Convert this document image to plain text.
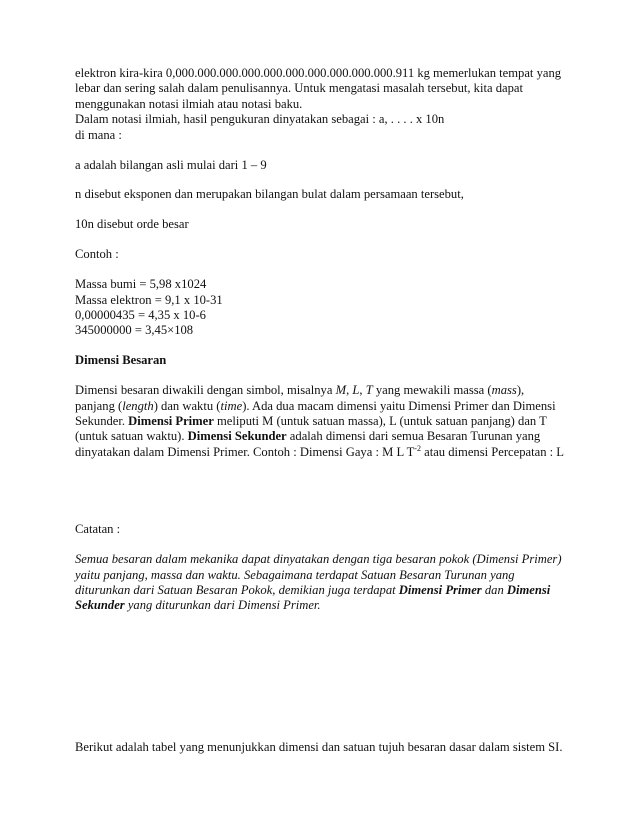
elektron kira-kira 0,000.000.000.000.000.000.000.000.000.000.911 kg memerlukan tempat yang
lebar dan sering salah dalam penulisannya. Untuk mengatasi masalah tersebut, kita dapat
menggunakan notasi ilmiah atau notasi baku.
Dalam notasi ilmiah, hasil pengukuran dinyatakan sebagai : a, . . . . x 10n
di mana :
a adalah bilangan asli mulai dari 1 – 9
n disebut eksponen dan merupakan bilangan bulat dalam persamaan tersebut,
10n disebut orde besar
Contoh :
Massa bumi = 5,98 x1024
Massa elektron = 9,1 x 10-31
0,00000435 = 4,35 x 10-6
345000000 = 3,45×108
Dimensi Besaran
Dimensi besaran diwakili dengan simbol, misalnya M, L, T yang mewakili massa (mass),
panjang (length) dan waktu (time). Ada dua macam dimensi yaitu Dimensi Primer dan Dimensi
Sekunder. Dimensi Primer meliputi M (untuk satuan massa), L (untuk satuan panjang) dan T
(untuk satuan waktu). Dimensi Sekunder adalah dimensi dari semua Besaran Turunan yang
dinyatakan dalam Dimensi Primer. Contoh : Dimensi Gaya : M L $T^{-2}$ atau dimensi Percepatan : L
Catatan :
Semua besaran dalam mekanika dapat dinyatakan dengan tiga besaran pokok (Dimensi Primer)
yaitu panjang, massa dan waktu. Sebagaimana terdapat Satuan Besaran Turunan yang
diturunkan dari Satuan Besaran Pokok, demikian juga terdapat Dimensi Primer dan Dimensi
Sekunder yang diturunkan dari Dimensi Primer.
Berikut adalah tabel yang menunjukkan dimensi dan satuan tujuh besaran dasar dalam sistem SI.
